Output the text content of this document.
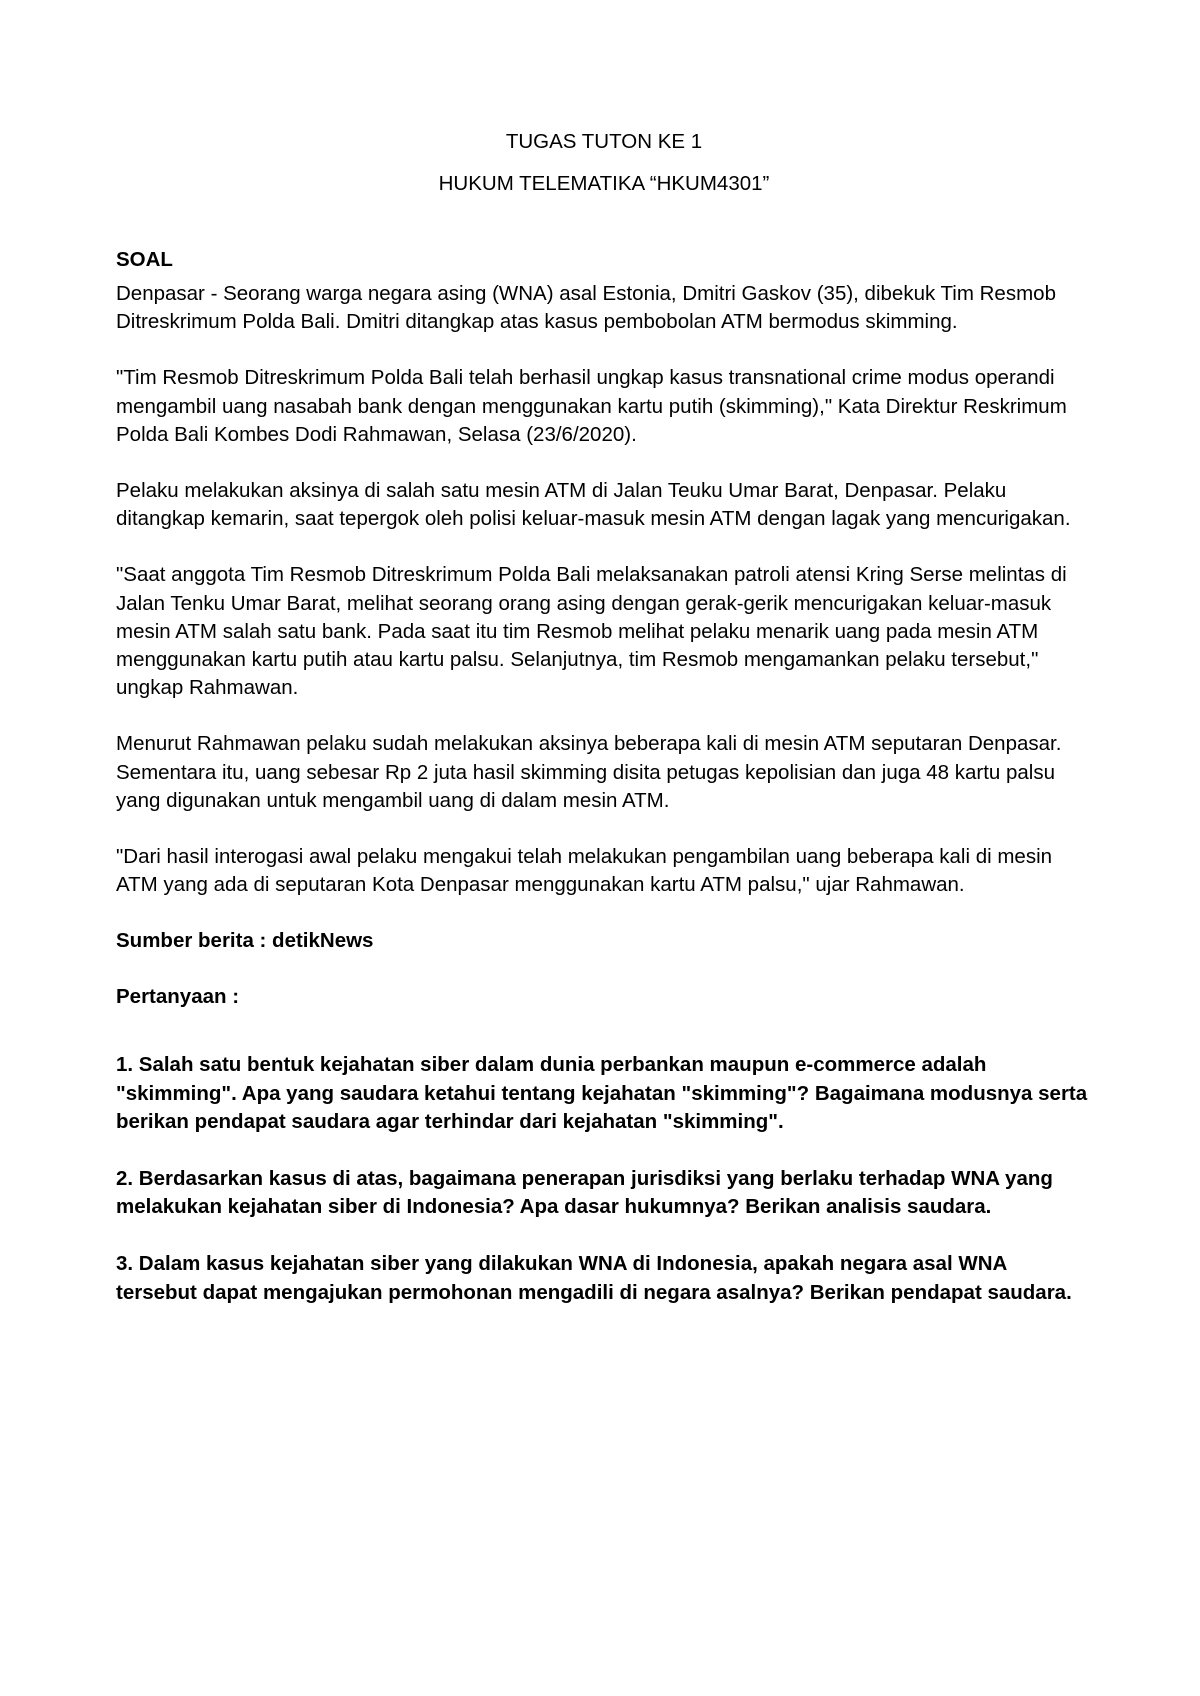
TUGAS TUTON KE 1

HUKUM TELEMATIKA “HKUM4301”

SOAL

Denpasar - Seorang warga negara asing (WNA) asal Estonia, Dmitri Gaskov (35), dibekuk Tim Resmob Ditreskrimum Polda Bali. Dmitri ditangkap atas kasus pembobolan ATM bermodus skimming.

"Tim Resmob Ditreskrimum Polda Bali telah berhasil ungkap kasus transnational crime modus operandi mengambil uang nasabah bank dengan menggunakan kartu putih (skimming)," Kata Direktur Reskrimum Polda Bali Kombes Dodi Rahmawan, Selasa (23/6/2020).

Pelaku melakukan aksinya di salah satu mesin ATM di Jalan Teuku Umar Barat, Denpasar. Pelaku ditangkap kemarin, saat tepergok oleh polisi keluar-masuk mesin ATM dengan lagak yang mencurigakan.

"Saat anggota Tim Resmob Ditreskrimum Polda Bali melaksanakan patroli atensi Kring Serse melintas di Jalan Tenku Umar Barat, melihat seorang orang asing dengan gerak-gerik mencurigakan keluar-masuk mesin ATM salah satu bank. Pada saat itu tim Resmob melihat pelaku menarik uang pada mesin ATM menggunakan kartu putih atau kartu palsu. Selanjutnya, tim Resmob mengamankan pelaku tersebut," ungkap Rahmawan.

Menurut Rahmawan pelaku sudah melakukan aksinya beberapa kali di mesin ATM seputaran Denpasar. Sementara itu, uang sebesar Rp 2 juta hasil skimming disita petugas kepolisian dan juga 48 kartu palsu yang digunakan untuk mengambil uang di dalam mesin ATM.

"Dari hasil interogasi awal pelaku mengakui telah melakukan pengambilan uang beberapa kali di mesin ATM yang ada di seputaran Kota Denpasar menggunakan kartu ATM palsu," ujar Rahmawan.

Sumber berita : detikNews

Pertanyaan :

1. Salah satu bentuk kejahatan siber dalam dunia perbankan maupun e-commerce adalah "skimming". Apa yang saudara ketahui tentang kejahatan "skimming"? Bagaimana modusnya serta berikan pendapat saudara agar terhindar dari kejahatan "skimming".

2. Berdasarkan kasus di atas, bagaimana penerapan jurisdiksi yang berlaku terhadap WNA yang melakukan kejahatan siber di Indonesia? Apa dasar hukumnya? Berikan analisis saudara.

3. Dalam kasus kejahatan siber yang dilakukan WNA di Indonesia, apakah negara asal WNA tersebut dapat mengajukan permohonan mengadili di negara asalnya? Berikan pendapat saudara.
